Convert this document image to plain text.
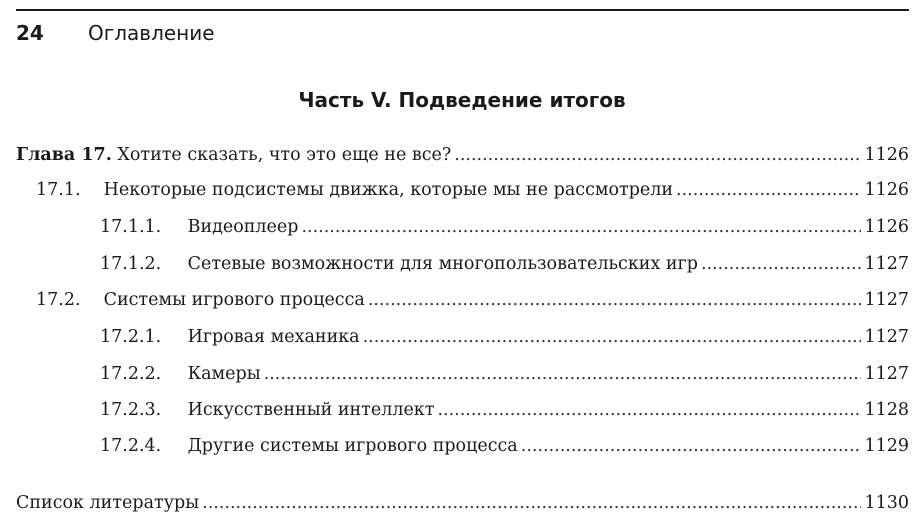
24	Оглавление
Часть V. Подведение итогов
Глава 17. Хотите сказать, что это еще не все? .....	1126
17.1. Некоторые подсистемы движка, которые мы не рассмотрели .....	1126
17.1.1. Видеоплеер .....	1126
17.1.2. Сетевые возможности для многопользовательских игр .....	1127
17.2. Системы игрового процесса .....	1127
17.2.1. Игровая механика .....	1127
17.2.2. Камеры .....	1127
17.2.3. Искусственный интеллект .....	1128
17.2.4. Другие системы игрового процесса .....	1129
Список литературы .....	1130
